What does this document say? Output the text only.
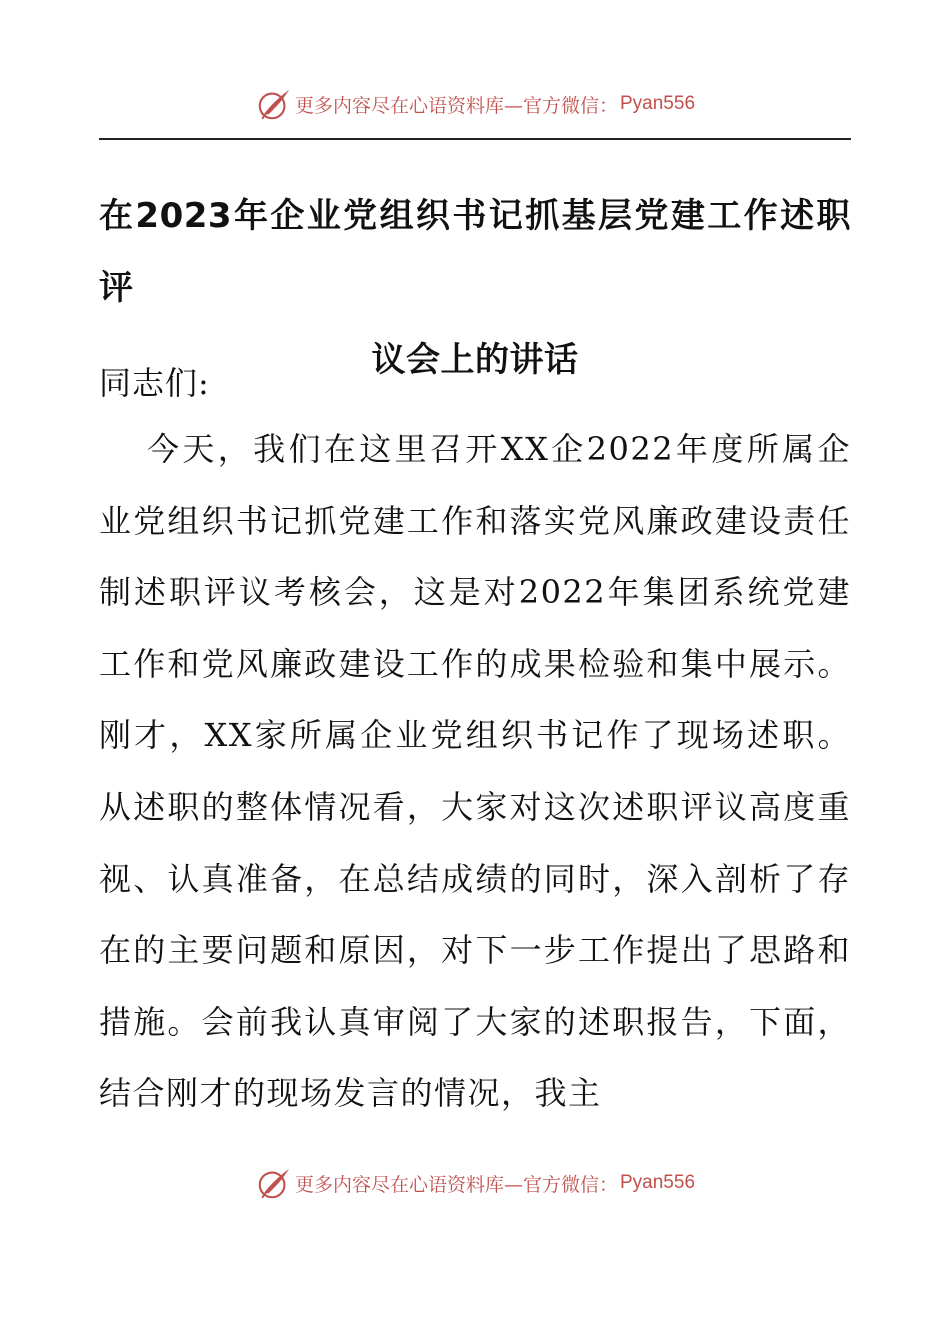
更多内容尽在心语资料库—官方微信： Pyan556
在2023年企业党组织书记抓基层党建工作述职评
议会上的讲话
同志们:

今天，我们在这里召开XX企2022年度所属企业党组织书记抓党建工作和落实党风廉政建设责任制述职评议考核会，这是对2022年集团系统党建工作和党风廉政建设工作的成果检验和集中展示。刚才，XX家所属企业党组织书记作了现场述职。从述职的整体情况看，大家对这次述职评议高度重视、认真准备，在总结成绩的同时，深入剖析了存在的主要问题和原因，对下一步工作提出了思路和措施。会前我认真审阅了大家的述职报告，下面，结合刚才的现场发言的情况，我主

更多内容尽在心语资料库—官方微信： Pyan556
